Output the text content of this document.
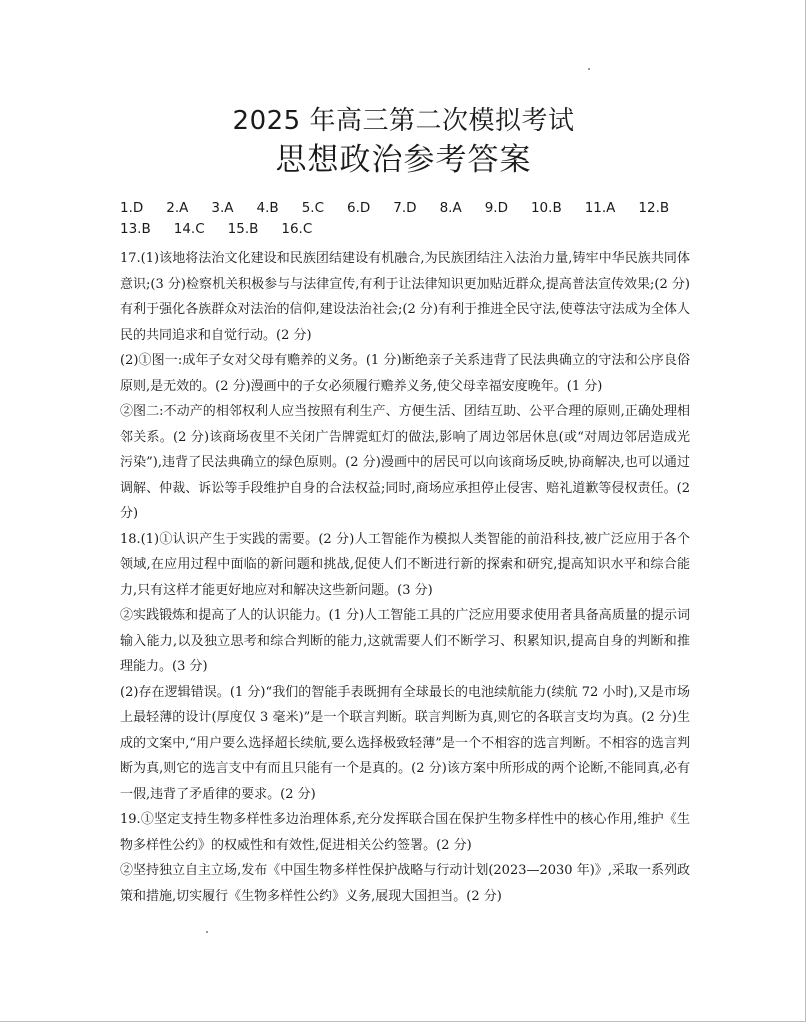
2025 年高三第二次模拟考试
思想政治参考答案
1.D 2.A 3.A 4.B 5.C 6.D 7.D 8.A 9.D 10.B 11.A 12.B
13.B 14.C 15.B 16.C

17.(1)该地将法治文化建设和民族团结建设有机融合,为民族团结注入法治力量,铸牢中华民族共同体意识;(3 分)检察机关积极参与与法律宣传,有利于让法律知识更加贴近群众,提高普法宣传效果;(2 分)有利于强化各族群众对法治的信仰,建设法治社会;(2 分)有利于推进全民守法,使尊法守法成为全体人民的共同追求和自觉行动。(2 分)

(2)①图一:成年子女对父母有赡养的义务。(1 分)断绝亲子关系违背了民法典确立的守法和公序良俗原则,是无效的。(2 分)漫画中的子女必须履行赡养义务,使父母幸福安度晚年。(1 分)

②图二:不动产的相邻权利人应当按照有利生产、方便生活、团结互助、公平合理的原则,正确处理相邻关系。(2 分)该商场夜里不关闭广告牌霓虹灯的做法,影响了周边邻居休息(或“对周边邻居造成光污染”),违背了民法典确立的绿色原则。(2 分)漫画中的居民可以向该商场反映,协商解决,也可以通过调解、仲裁、诉讼等手段维护自身的合法权益;同时,商场应承担停止侵害、赔礼道歉等侵权责任。(2 分)

18.(1)①认识产生于实践的需要。(2 分)人工智能作为模拟人类智能的前沿科技,被广泛应用于各个领域,在应用过程中面临的新问题和挑战,促使人们不断进行新的探索和研究,提高知识水平和综合能力,只有这样才能更好地应对和解决这些新问题。(3 分)

②实践锻炼和提高了人的认识能力。(1 分)人工智能工具的广泛应用要求使用者具备高质量的提示词输入能力,以及独立思考和综合判断的能力,这就需要人们不断学习、积累知识,提高自身的判断和推理能力。(3 分)

(2)存在逻辑错误。(1 分)“我们的智能手表既拥有全球最长的电池续航能力(续航 72 小时),又是市场上最轻薄的设计(厚度仅 3 毫米)”是一个联言判断。联言判断为真,则它的各联言支均为真。(2 分)生成的文案中,“用户要么选择超长续航,要么选择极致轻薄”是一个不相容的选言判断。不相容的选言判断为真,则它的选言支中有而且只能有一个是真的。(2 分)该方案中所形成的两个论断,不能同真,必有一假,违背了矛盾律的要求。(2 分)

19.①坚定支持生物多样性多边治理体系,充分发挥联合国在保护生物多样性中的核心作用,维护《生物多样性公约》的权威性和有效性,促进相关公约签署。(2 分)

②坚持独立自主立场,发布《中国生物多样性保护战略与行动计划(2023—2030 年)》,采取一系列政策和措施,切实履行《生物多样性公约》义务,展现大国担当。(2 分)
